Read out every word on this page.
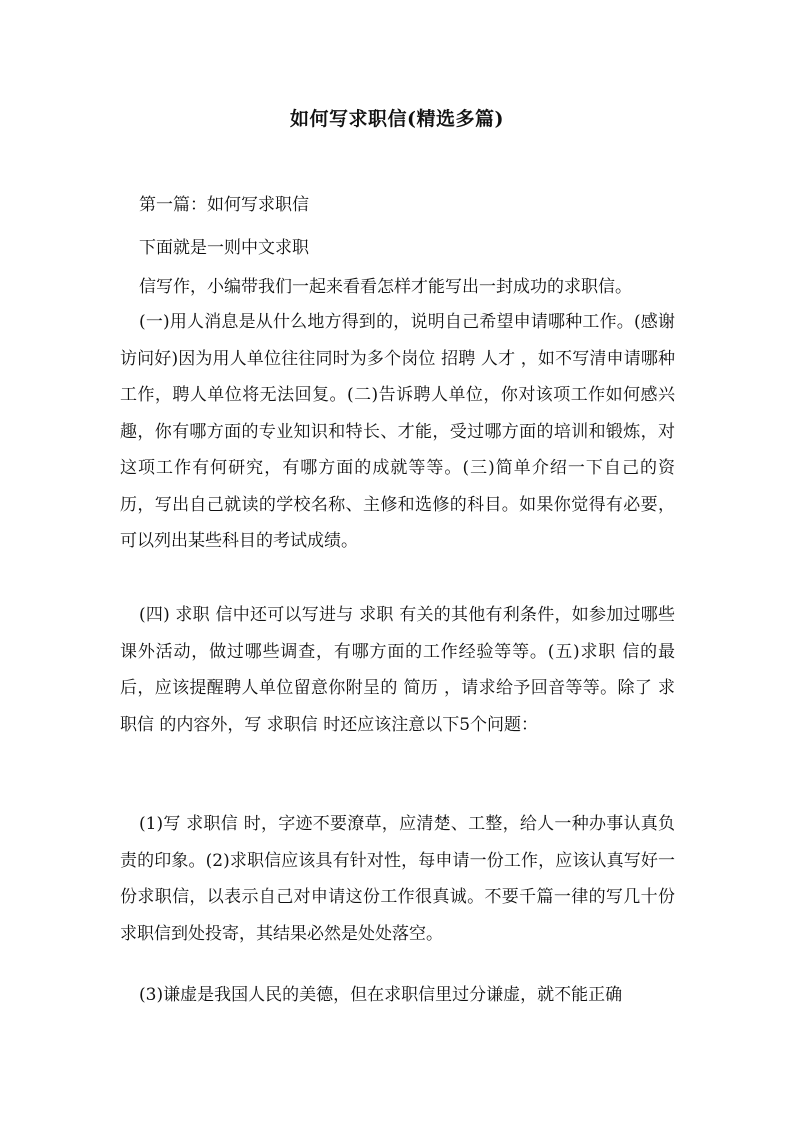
如何写求职信(精选多篇)
第一篇：如何写求职信
下面就是一则中文求职
信写作，小编带我们一起来看看怎样才能写出一封成功的求职信。
(一)用人消息是从什么地方得到的，说明自己希望申请哪种工作。(感谢访问好)因为用人单位往往同时为多个岗位 招聘 人才 ，如不写清申请哪种工作，聘人单位将无法回复。(二)告诉聘人单位，你对该项工作如何感兴趣，你有哪方面的专业知识和特长、才能，受过哪方面的培训和锻炼，对这项工作有何研究，有哪方面的成就等等。(三)简单介绍一下自己的资历，写出自己就读的学校名称、主修和选修的科目。如果你觉得有必要，可以列出某些科目的考试成绩。
(四) 求职 信中还可以写进与 求职 有关的其他有利条件，如参加过哪些课外活动，做过哪些调查，有哪方面的工作经验等等。(五)求职 信的最后，应该提醒聘人单位留意你附呈的 简历 ，请求给予回音等等。除了 求职信 的内容外，写 求职信 时还应该注意以下5个问题：
(1)写 求职信 时，字迹不要潦草，应清楚、工整，给人一种办事认真负责的印象。(2)求职信应该具有针对性，每申请一份工作，应该认真写好一份求职信，以表示自己对申请这份工作很真诚。不要千篇一律的写几十份求职信到处投寄，其结果必然是处处落空。
(3)谦虚是我国人民的美德，但在求职信里过分谦虚，就不能正确
